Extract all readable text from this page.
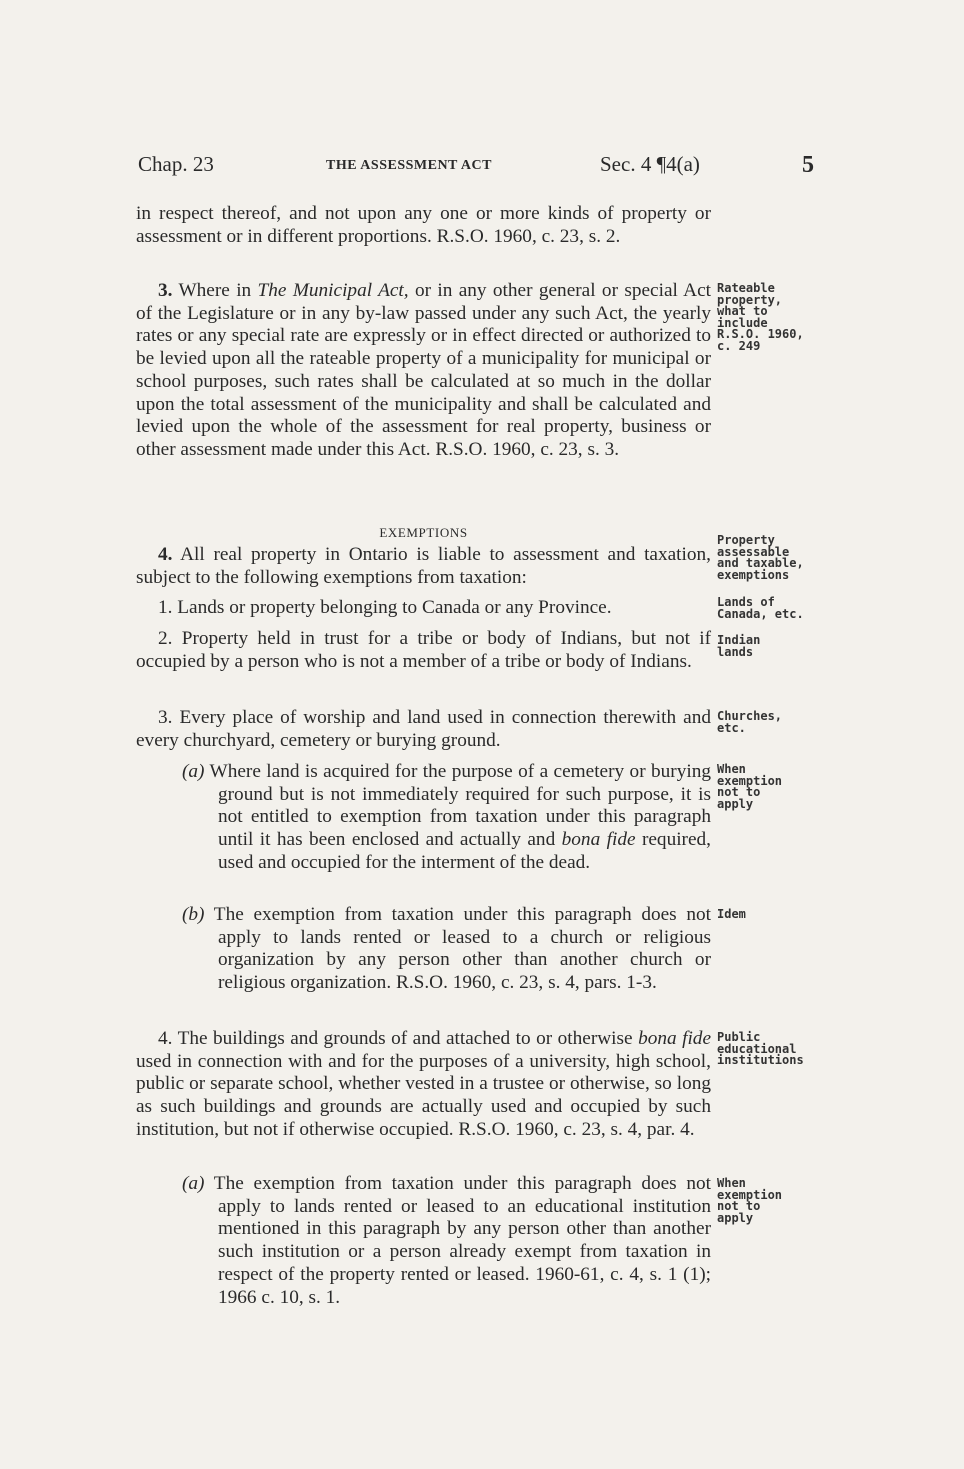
Chap. 23	THE ASSESSMENT ACT	Sec. 4 ¶4(a)	5

in respect thereof, and not upon any one or more kinds of property or assessment or in different proportions. R.S.O. 1960, c. 23, s. 2.

3. Where in The Municipal Act, or in any other general or special Act of the Legislature or in any by-law passed under any such Act, the yearly rates or any special rate are expressly or in effect directed or authorized to be levied upon all the rateable property of a municipality for municipal or school purposes, such rates shall be calculated at so much in the dollar upon the total assessment of the municipality and shall be calculated and levied upon the whole of the assessment for real property, business or other assessment made under this Act. R.S.O. 1960, c. 23, s. 3.

EXEMPTIONS

4. All real property in Ontario is liable to assessment and taxation, subject to the following exemptions from taxation:

1. Lands or property belonging to Canada or any Province.

2. Property held in trust for a tribe or body of Indians, but not if occupied by a person who is not a member of a tribe or body of Indians.

3. Every place of worship and land used in connection therewith and every churchyard, cemetery or burying ground.

(a) Where land is acquired for the purpose of a cemetery or burying ground but is not immediately required for such purpose, it is not entitled to exemption from taxation under this paragraph until it has been enclosed and actually and bona fide required, used and occupied for the interment of the dead.

(b) The exemption from taxation under this paragraph does not apply to lands rented or leased to a church or religious organization by any person other than another church or religious organization. R.S.O. 1960, c. 23, s. 4, pars. 1-3.

4. The buildings and grounds of and attached to or otherwise bona fide used in connection with and for the purposes of a university, high school, public or separate school, whether vested in a trustee or otherwise, so long as such buildings and grounds are actually used and occupied by such institution, but not if otherwise occupied. R.S.O. 1960, c. 23, s. 4, par. 4.

(a) The exemption from taxation under this paragraph does not apply to lands rented or leased to an educational institution mentioned in this paragraph by any person other than another such institution or a person already exempt from taxation in respect of the property rented or leased. 1960-61, c. 4, s. 1 (1); 1966 c. 10, s. 1.

Rateable
property,
what to
include
R.S.O. 1960,
c. 249
Property
assessable
and taxable,
exemptions
Lands of
Canada, etc.
Indian
lands
Churches,
etc.
When
exemption
not to
apply
Idem
Public
educational
institutions
When
exemption
not to
apply
